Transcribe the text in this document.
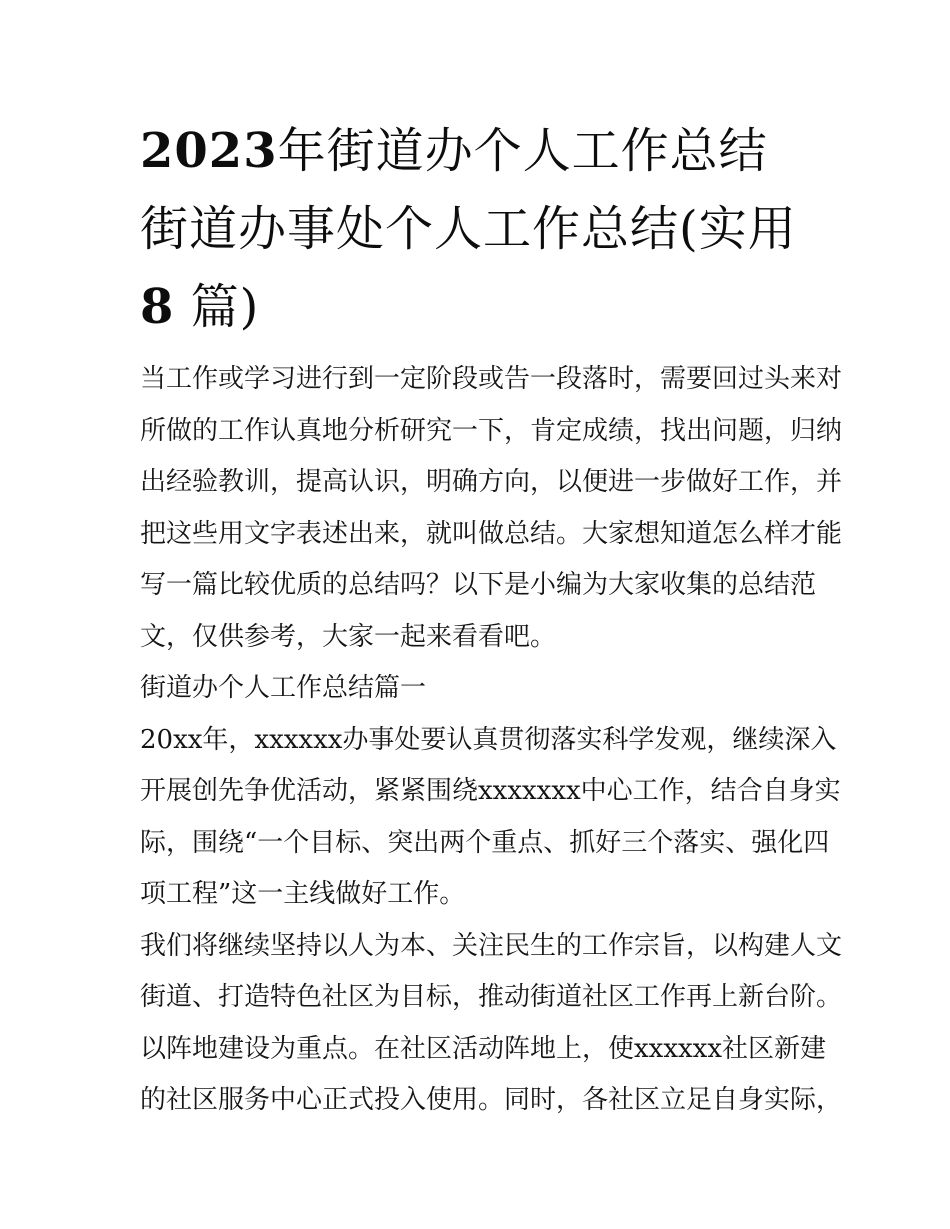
2023年街道办个人工作总结
街道办事处个人工作总结(实用
8 篇)
当工作或学习进行到一定阶段或告一段落时，需要回过头来对
所做的工作认真地分析研究一下，肯定成绩，找出问题，归纳
出经验教训，提高认识，明确方向，以便进一步做好工作，并
把这些用文字表述出来，就叫做总结。大家想知道怎么样才能
写一篇比较优质的总结吗？以下是小编为大家收集的总结范
文，仅供参考，大家一起来看看吧。
街道办个人工作总结篇一
20xx年，xxxxxx办事处要认真贯彻落实科学发观，继续深入
开展创先争优活动，紧紧围绕xxxxxxx中心工作，结合自身实
际，围绕“一个目标、突出两个重点、抓好三个落实、强化四
项工程”这一主线做好工作。
我们将继续坚持以人为本、关注民生的工作宗旨，以构建人文
街道、打造特色社区为目标，推动街道社区工作再上新台阶。
以阵地建设为重点。在社区活动阵地上，使xxxxxx社区新建
的社区服务中心正式投入使用。同时，各社区立足自身实际，
